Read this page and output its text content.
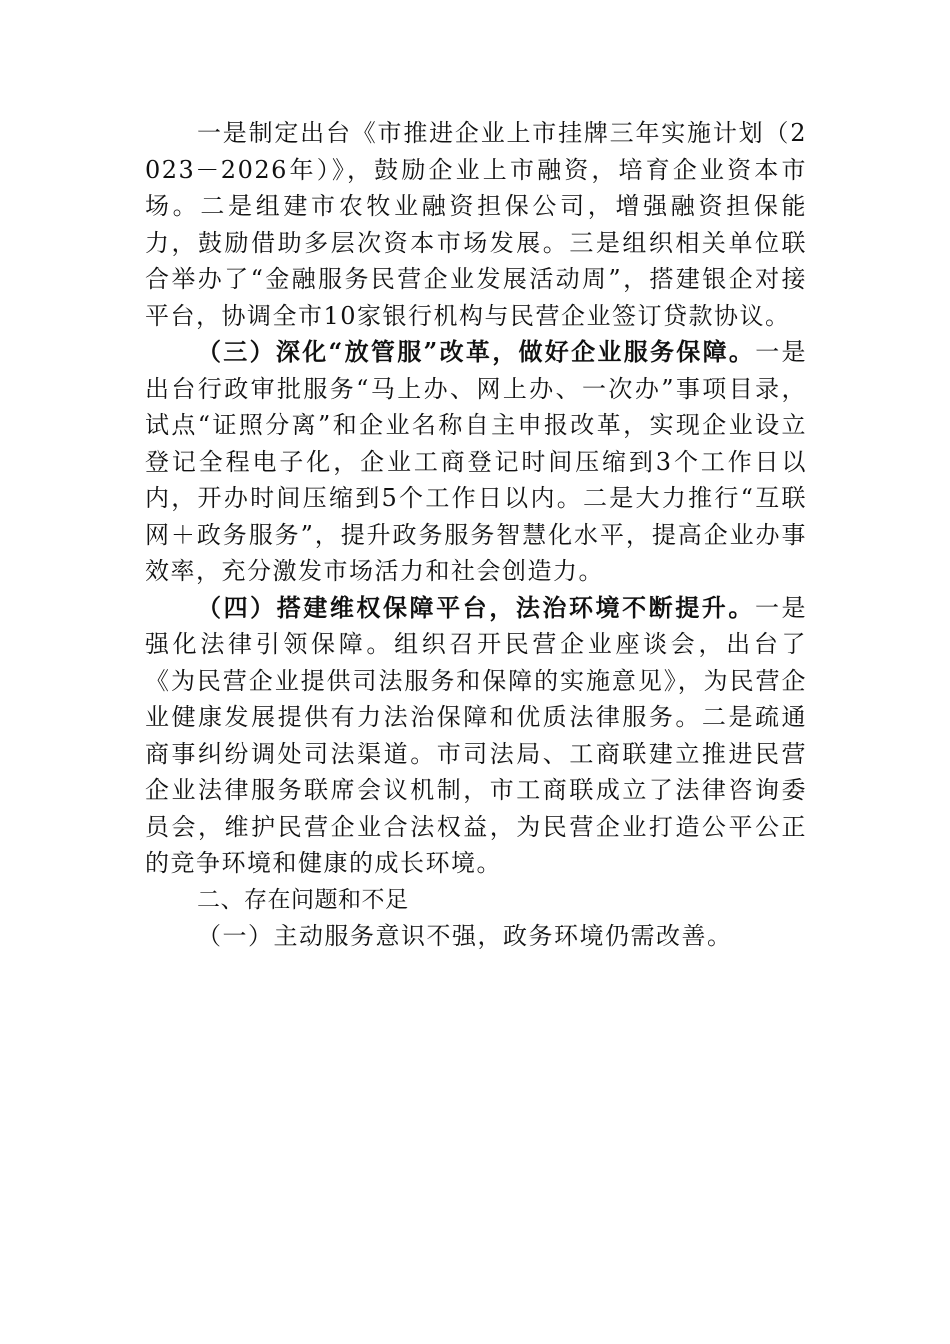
一是制定出台《市推进企业上市挂牌三年实施计划（2023－2026年）》，鼓励企业上市融资，培育企业资本市场。二是组建市农牧业融资担保公司，增强融资担保能力，鼓励借助多层次资本市场发展。三是组织相关单位联合举办了“金融服务民营企业发展活动周”，搭建银企对接平台，协调全市10家银行机构与民营企业签订贷款协议。

（三）深化“放管服”改革，做好企业服务保障。一是出台行政审批服务“马上办、网上办、一次办”事项目录，试点“证照分离”和企业名称自主申报改革，实现企业设立登记全程电子化，企业工商登记时间压缩到3个工作日以内，开办时间压缩到5个工作日以内。二是大力推行“互联网＋政务服务”，提升政务服务智慧化水平，提高企业办事效率，充分激发市场活力和社会创造力。

（四）搭建维权保障平台，法治环境不断提升。一是强化法律引领保障。组织召开民营企业座谈会，出台了《为民营企业提供司法服务和保障的实施意见》，为民营企业健康发展提供有力法治保障和优质法律服务。二是疏通商事纠纷调处司法渠道。市司法局、工商联建立推进民营企业法律服务联席会议机制，市工商联成立了法律咨询委员会，维护民营企业合法权益，为民营企业打造公平公正的竞争环境和健康的成长环境。

二、存在问题和不足

（一）主动服务意识不强，政务环境仍需改善。
